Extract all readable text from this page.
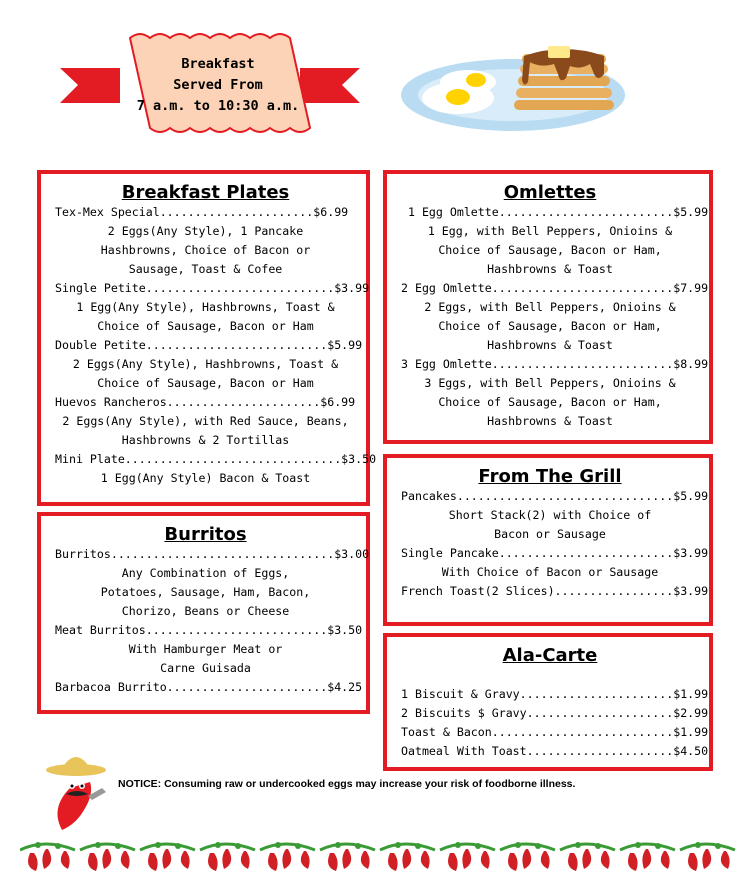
Breakfast
Served From
7 a.m. to 10:30 a.m.
Breakfast Plates
Tex-Mex Special......................$6.99
2 Eggs(Any Style), 1 Pancake
Hashbrowns, Choice of Bacon or
Sausage, Toast & Cofee
Single Petite...........................$3.99
1 Egg(Any Style), Hashbrowns, Toast &
Choice of Sausage, Bacon or Ham
Double Petite..........................$5.99
2 Eggs(Any Style), Hashbrowns, Toast &
Choice of Sausage, Bacon or Ham
Huevos Rancheros......................$6.99
2 Eggs(Any Style), with Red Sauce, Beans,
Hashbrowns & 2 Tortillas
Mini Plate...............................$3.50
1 Egg(Any Style) Bacon & Toast
Burritos
Burritos................................$3.00
Any Combination of Eggs,
Potatoes, Sausage, Ham, Bacon,
Chorizo, Beans or Cheese
Meat Burritos..........................$3.50
With Hamburger Meat or
Carne Guisada
Barbacoa Burrito.......................$4.25
Omlettes
1 Egg Omlette.........................$5.99
1 Egg, with Bell Peppers, Onioins &
Choice of Sausage, Bacon or Ham,
Hashbrowns & Toast
2 Egg Omlette..........................$7.99
2 Eggs, with Bell Peppers, Onioins &
Choice of Sausage, Bacon or Ham,
Hashbrowns & Toast
3 Egg Omlette..........................$8.99
3 Eggs, with Bell Peppers, Onioins &
Choice of Sausage, Bacon or Ham,
Hashbrowns & Toast
From The Grill
Pancakes...............................$5.99
Short Stack(2) with Choice of
Bacon or Sausage
Single Pancake.........................$3.99
With Choice of Bacon or Sausage
French Toast(2 Slices).................$3.99
Ala-Carte

1 Biscuit & Gravy......................$1.99
2 Biscuits $ Gravy.....................$2.99
Toast & Bacon..........................$1.99
Oatmeal With Toast.....................$4.50
NOTICE: Consuming raw or undercooked eggs may increase your risk of foodborne illness.
